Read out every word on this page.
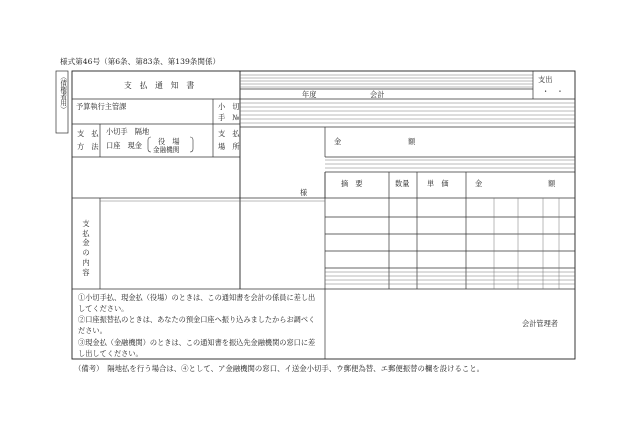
様式第46号（第6条、第83条、第139条関係）
（債権者用）	支　払　通　知　書
予算執行主管課	小　切
手　№
支　払
方　法
小切手　隔地
口座　現金 役　場
金融機関
支　払
場　所
様
支
払
金
の
内
容
①小切手払、現金払（役場）のときは、この通知書を会計の係員に差し出してください。
②口座振替払のときは、あなたの預金口座へ振り込みましたからお調べください。
③現金払（金融機関）のときは、この通知書を振込先金融機関の窓口に差し出してください。
年度	会計
支出
・　・
金	額
摘　要	数量 単　価	金	額
会計管理者
（備考）　隔地払を行う場合は、④として、ア金融機関の窓口、イ送金小切手、ウ郵便為替、エ郵便振替の欄を設けること。
